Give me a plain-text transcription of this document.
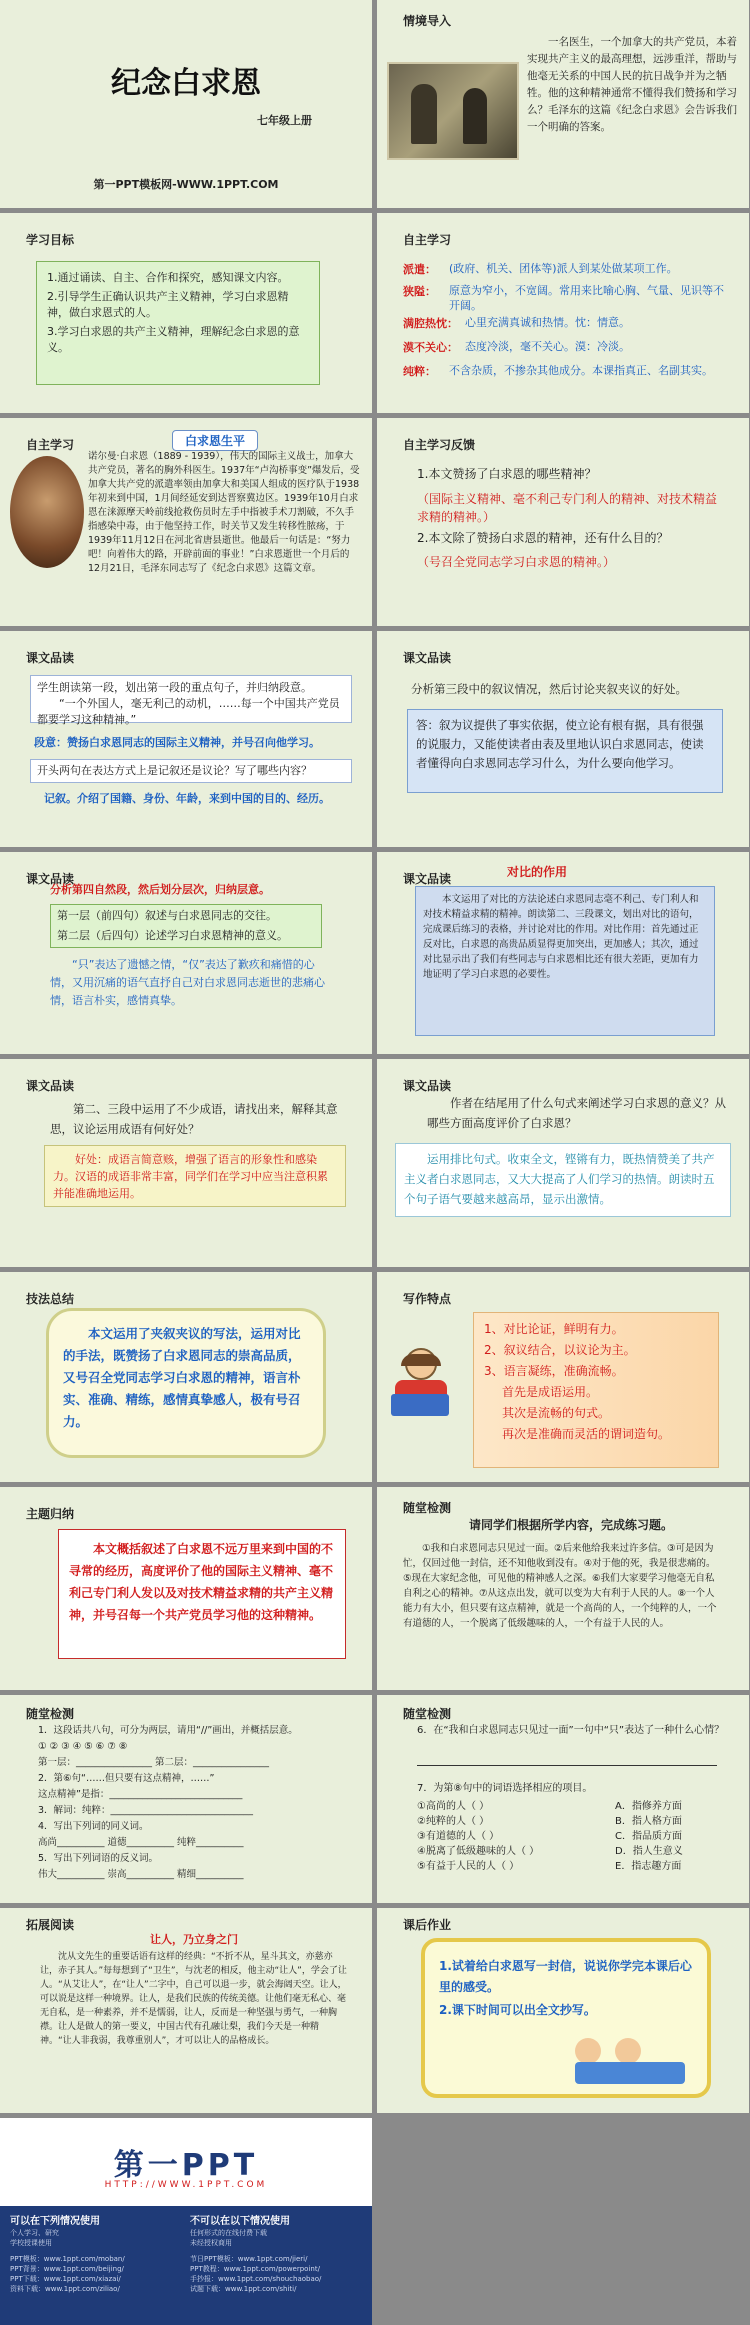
纪念白求恩
七年级上册
第一PPT模板网-WWW.1PPT.COM
情境导入
一名医生，一个加拿大的共产党员，本着实现共产主义的最高理想，远涉重洋，帮助与他毫无关系的中国人民的抗日战争并为之牺牲。他的这种精神通常不懂得我们赞扬和学习么？毛泽东的这篇《纪念白求恩》会告诉我们一个明确的答案。
学习目标
1.通过诵读、自主、合作和探究，感知课文内容。
2.引导学生正确认识共产主义精神，学习白求恩精神，做白求恩式的人。
3.学习白求恩的共产主义精神，理解纪念白求恩的意义。
自主学习
派遣： (政府、机关、团体等)派人到某处做某项工作。
狭隘： 原意为窄小，不宽阔。常用来比喻心胸、气量、见识等不开阔。
满腔热忱： 心里充满真诚和热情。忱：情意。
漠不关心： 态度冷淡，毫不关心。漠：冷淡。
纯粹： 不含杂质，不掺杂其他成分。本课指真正、名副其实。
自主学习	白求恩生平
诺尔曼·白求恩（1889 - 1939），伟大的国际主义战士，加拿大共产党员，著名的胸外科医生。1937年“卢沟桥事变”爆发后，受加拿大共产党的派遣率领由加拿大和美国人组成的医疗队于1938年初来到中国，1月间经延安到达晋察冀边区。1939年10月白求恩在涞源摩天岭前线抢救伤员时左手中指被手术刀割破，不久手指感染中毒，由于他坚持工作，时关节又发生转移性脓疡，于1939年11月12日在河北省唐县逝世。他最后一句话是：“努力吧！向着伟大的路，开辟前面的事业！”白求恩逝世一个月后的12月21日，毛泽东同志写了《纪念白求恩》这篇文章。
自主学习反馈
1.本文赞扬了白求恩的哪些精神？
（国际主义精神、毫不利己专门利人的精神、对技术精益求精的精神。）
2.本文除了赞扬白求恩的精神，还有什么目的？
（号召全党同志学习白求恩的精神。）
课文品读
学生朗读第一段，划出第一段的重点句子，并归纳段意。
“一个外国人，毫无利己的动机，……每一个中国共产党员都要学习这种精神。”
段意：赞扬白求恩同志的国际主义精神，并号召向他学习。
开头两句在表达方式上是记叙还是议论？写了哪些内容？
记叙。介绍了国籍、身份、年龄，来到中国的目的、经历。
课文品读
分析第三段中的叙议情况，然后讨论夹叙夹议的好处。
答：叙为议提供了事实依据，使立论有根有据，具有很强的说服力，又能使读者由表及里地认识白求恩同志，使读者懂得向白求恩同志学习什么，为什么要向他学习。
课文品读
分析第四自然段，然后划分层次，归纳层意。
第一层（前四句）叙述与白求恩同志的交往。
第二层（后四句）论述学习白求恩精神的意义。
“只”表达了遗憾之情，“仅”表达了歉疚和痛惜的心情，又用沉痛的语气直抒自己对白求恩同志逝世的悲痛心情，语言朴实，感情真挚。
课文品读	对比的作用
本文运用了对比的方法论述白求恩同志毫不利己、专门利人和对技术精益求精的精神。朗读第二、三段课文，划出对比的语句，完成课后练习的表格，并讨论对比的作用。对比作用：首先通过正反对比，白求恩的高贵品质显得更加突出，更加感人；其次，通过对比显示出了我们有些同志与白求恩相比还有很大差距，更加有力地证明了学习白求恩的必要性。
课文品读
第二、三段中运用了不少成语，请找出来，解释其意思，议论运用成语有何好处？
好处：成语言简意赅，增强了语言的形象性和感染力。汉语的成语非常丰富，同学们在学习中应当注意积累并能准确地运用。
课文品读
作者在结尾用了什么句式来阐述学习白求恩的意义？从哪些方面高度评价了白求恩？
运用排比句式。收束全文，铿锵有力，既热情赞美了共产主义者白求恩同志，又大大提高了人们学习的热情。朗读时五个句子语气要越来越高昂，显示出激情。
技法总结
本文运用了夹叙夹议的写法，运用对比的手法，既赞扬了白求恩同志的崇高品质，又号召全党同志学习白求恩的精神，语言朴实、准确、精练，感情真挚感人，极有号召力。
写作特点
1、对比论证，鲜明有力。
2、叙议结合，以议论为主。
3、语言凝练，准确流畅。
首先是成语运用。
其次是流畅的句式。
再次是准确而灵活的谓词造句。
主题归纳
本文概括叙述了白求恩不远万里来到中国的不寻常的经历，高度评价了他的国际主义精神、毫不利己专门利人发以及对技术精益求精的共产主义精神，并号召每一个共产党员学习他的这种精神。
随堂检测
请同学们根据所学内容，完成练习题。
①我和白求恩同志只见过一面。②后来他给我来过许多信。③可是因为忙，仅回过他一封信，还不知他收到没有。④对于他的死，我是很悲痛的。⑤现在大家纪念他，可见他的精神感人之深。⑥我们大家要学习他毫无自私自利之心的精神。⑦从这点出发，就可以变为大有利于人民的人。⑧一个人能力有大小，但只要有这点精神，就是一个高尚的人，一个纯粹的人，一个有道德的人，一个脱离了低级趣味的人，一个有益于人民的人。
随堂检测
1．这段话共八句，可分为两层，请用“//”画出，并概括层意。
① ② ③ ④ ⑤ ⑥ ⑦ ⑧
第一层：________________ 第二层：________________
2．第⑥句“……但只要有这点精神，……”
这点精神”是指：____________________________
3．解词：纯粹：______________________________
4．写出下列词的同义词。
高尚__________ 道德__________ 纯粹__________
5．写出下列词语的反义词。
伟大__________ 崇高__________ 精细__________
随堂检测
6．在“我和白求恩同志只见过一面”一句中“只”表达了一种什么心情？
7．为第⑧句中的词语选择相应的项目。
①高尚的人（ ）
②纯粹的人（ ）
③有道德的人（ ）
④脱离了低级趣味的人（ ）
⑤有益于人民的人（ ）
A．指修养方面
B．指人格方面
C．指品质方面
D．指人生意义
E．指志趣方面
拓展阅读
让人，乃立身之门
沈从文先生的重要话语有这样的经典：“不折不从，星斗其文，亦慈亦让，赤子其人。”每每想到了“卫生”，与沈老的相反，他主动“让人”，学会了让人。“从艾让人”，在“让人”二字中，自己可以退一步，就会海阔天空。让人，可以说是这样一种境界。让人，是我们民族的传统美德。让他们毫无私心、毫无自私，是一种素养，并不是懦弱，让人，反而是一种坚强与勇气，一种胸襟。让人是做人的第一要义，中国古代有孔融让梨，我们今天是一种精神。“让人非我弱，我尊重别人”，才可以让人的品格成长。
课后作业
1.试着给白求恩写一封信，说说你学完本课后心里的感受。
2.课下时间可以出全文抄写。
第一PPT
HTTP://WWW.1PPT.COM
可以在下列情况使用	不可以在以下情况使用
个人学习、研究
学校授课使用
任何形式的在线付费下载
未经授权商用
PPT模板：www.1ppt.com/moban/
PPT背景：www.1ppt.com/beijing/
PPT下载：www.1ppt.com/xiazai/
资料下载：www.1ppt.com/ziliao/
节日PPT模板：www.1ppt.com/jieri/
PPT教程：www.1ppt.com/powerpoint/
手抄报：www.1ppt.com/shouchaobao/
试题下载：www.1ppt.com/shiti/
